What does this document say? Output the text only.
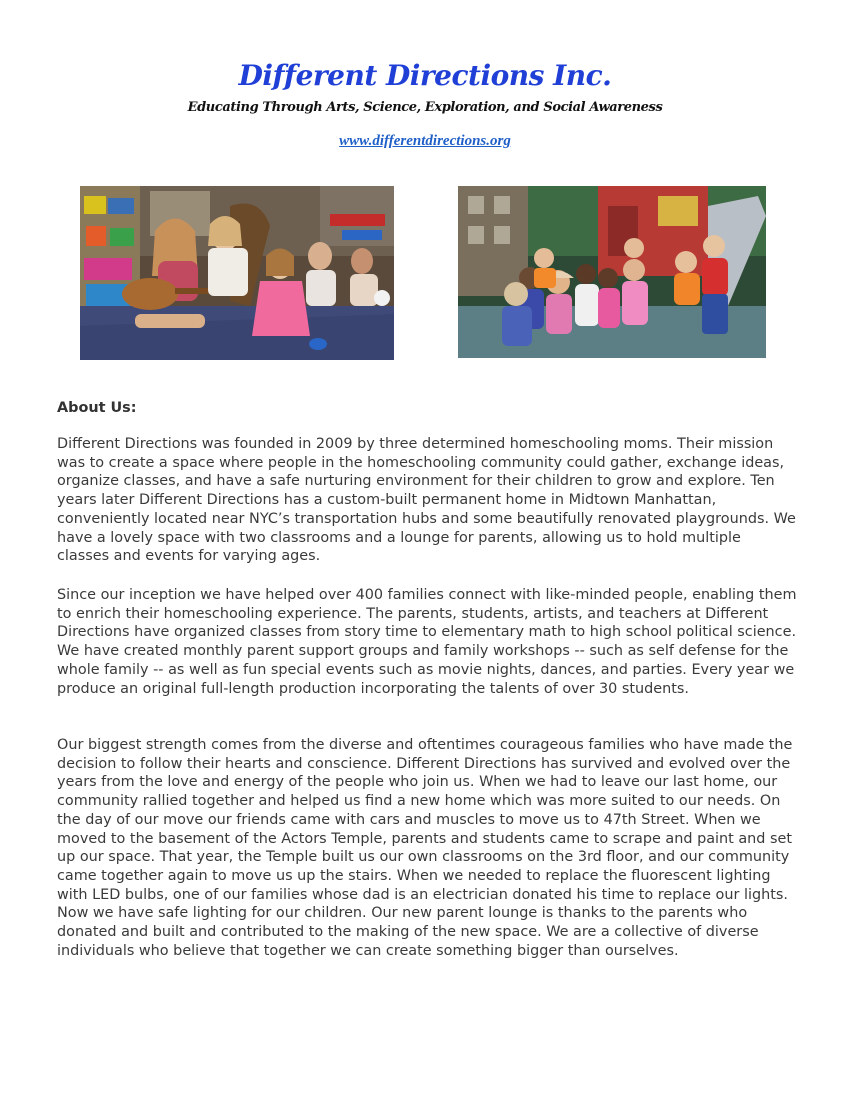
Different Directions Inc.
Educating Through Arts, Science, Exploration, and Social Awareness
www.differentdirections.org
About Us:

Different Directions was founded in 2009 by three determined homeschooling moms. Their mission was to create a space where people in the homeschooling community could gather, exchange ideas, organize classes, and have a safe nurturing environment for their children to grow and explore. Ten years later Different Directions has a custom-built permanent home in Midtown Manhattan, conveniently located near NYC’s transportation hubs and some beautifully renovated playgrounds. We have a lovely space with two classrooms and a lounge for parents, allowing us to hold multiple classes and events for varying ages.

Since our inception we have helped over 400 families connect with like-minded people, enabling them to enrich their homeschooling experience. The parents, students, artists, and teachers at Different Directions have organized classes from story time to elementary math to high school political science. We have created monthly parent support groups and family workshops -- such as self defense for the whole family -- as well as fun special events such as movie nights, dances, and parties. Every year we produce an original full-length production incorporating the talents of over 30 students.

Our biggest strength comes from the diverse and oftentimes courageous families who have made the decision to follow their hearts and conscience. Different Directions has survived and evolved over the years from the love and energy of the people who join us. When we had to leave our last home, our community rallied together and helped us find a new home which was more suited to our needs. On the day of our move our friends came with cars and muscles to move us to 47th Street. When we moved to the basement of the Actors Temple, parents and students came to scrape and paint and set up our space. That year, the Temple built us our own classrooms on the 3rd floor, and our community came together again to move us up the stairs. When we needed to replace the fluorescent lighting with LED bulbs, one of our families whose dad is an electrician donated his time to replace our lights. Now we have safe lighting for our children. Our new parent lounge is thanks to the parents who donated and built and contributed to the making of the new space. We are a collective of diverse individuals who believe that together we can create something bigger than ourselves.
